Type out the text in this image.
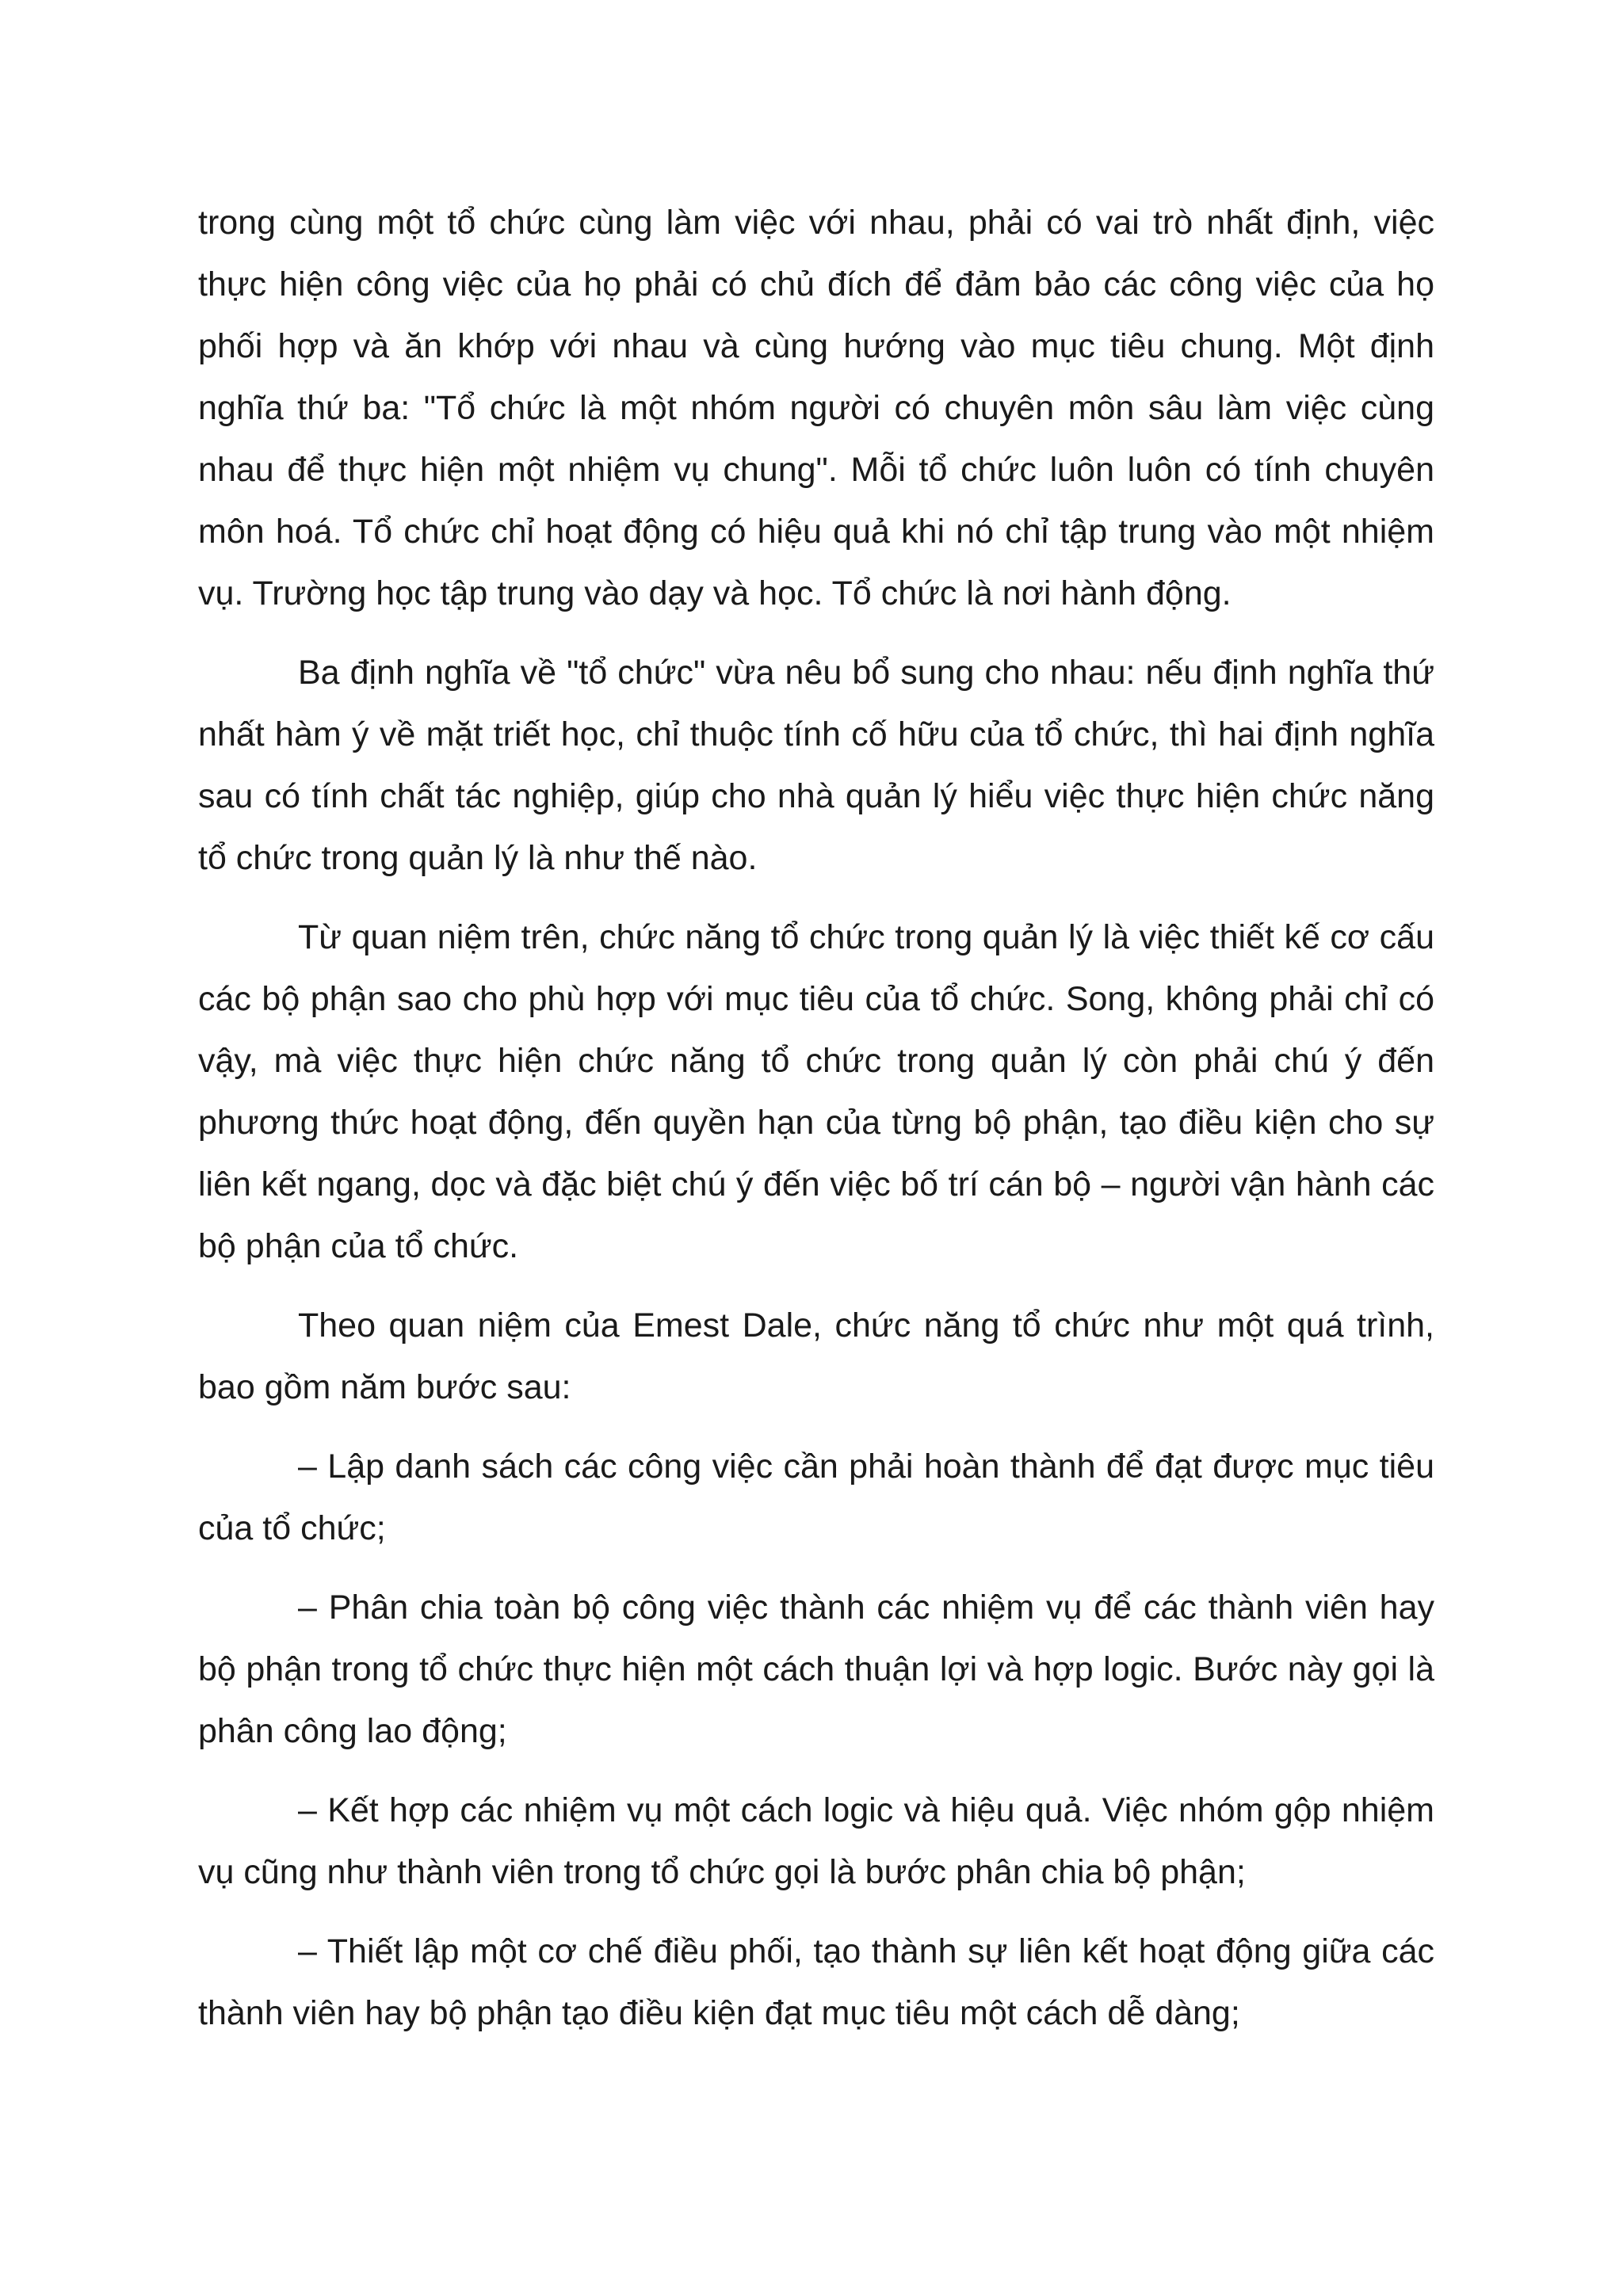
trong cùng một tổ chức cùng làm việc với nhau, phải có vai trò nhất định, việc thực hiện công việc của họ phải có chủ đích để đảm bảo các công việc của họ phối hợp và ăn khớp với nhau và cùng hướng vào mục tiêu chung. Một định nghĩa thứ ba: "Tổ chức là một nhóm người có chuyên môn sâu làm việc cùng nhau để thực hiện một nhiệm vụ chung". Mỗi tổ chức luôn luôn có tính chuyên môn hoá. Tổ chức chỉ hoạt động có hiệu quả khi nó chỉ tập trung vào một nhiệm vụ. Trường học tập trung vào dạy và học. Tổ chức là nơi hành động.

Ba định nghĩa về "tổ chức" vừa nêu bổ sung cho nhau: nếu định nghĩa thứ nhất hàm ý về mặt triết học, chỉ thuộc tính cố hữu của tổ chức, thì hai định nghĩa sau có tính chất tác nghiệp, giúp cho nhà quản lý hiểu việc thực hiện chức năng tổ chức trong quản lý là như thế nào.

Từ quan niệm trên, chức năng tổ chức trong quản lý là việc thiết kế cơ cấu các bộ phận sao cho phù hợp với mục tiêu của tổ chức. Song, không phải chỉ có vậy, mà việc thực hiện chức năng tổ chức trong quản lý còn phải chú ý đến phương thức hoạt động, đến quyền hạn của từng bộ phận, tạo điều kiện cho sự liên kết ngang, dọc và đặc biệt chú ý đến việc bố trí cán bộ – người vận hành các bộ phận của tổ chức.

Theo quan niệm của Emest Dale, chức năng tổ chức như một quá trình, bao gồm năm bước sau:

– Lập danh sách các công việc cần phải hoàn thành để đạt được mục tiêu của tổ chức;

– Phân chia toàn bộ công việc thành các nhiệm vụ để các thành viên hay bộ phận trong tổ chức thực hiện một cách thuận lợi và hợp logic. Bước này gọi là phân công lao động;

– Kết hợp các nhiệm vụ một cách logic và hiệu quả. Việc nhóm gộp nhiệm vụ cũng như thành viên trong tổ chức gọi là bước phân chia bộ phận;

– Thiết lập một cơ chế điều phối, tạo thành sự liên kết hoạt động giữa các thành viên hay bộ phận tạo điều kiện đạt mục tiêu một cách dễ dàng;
